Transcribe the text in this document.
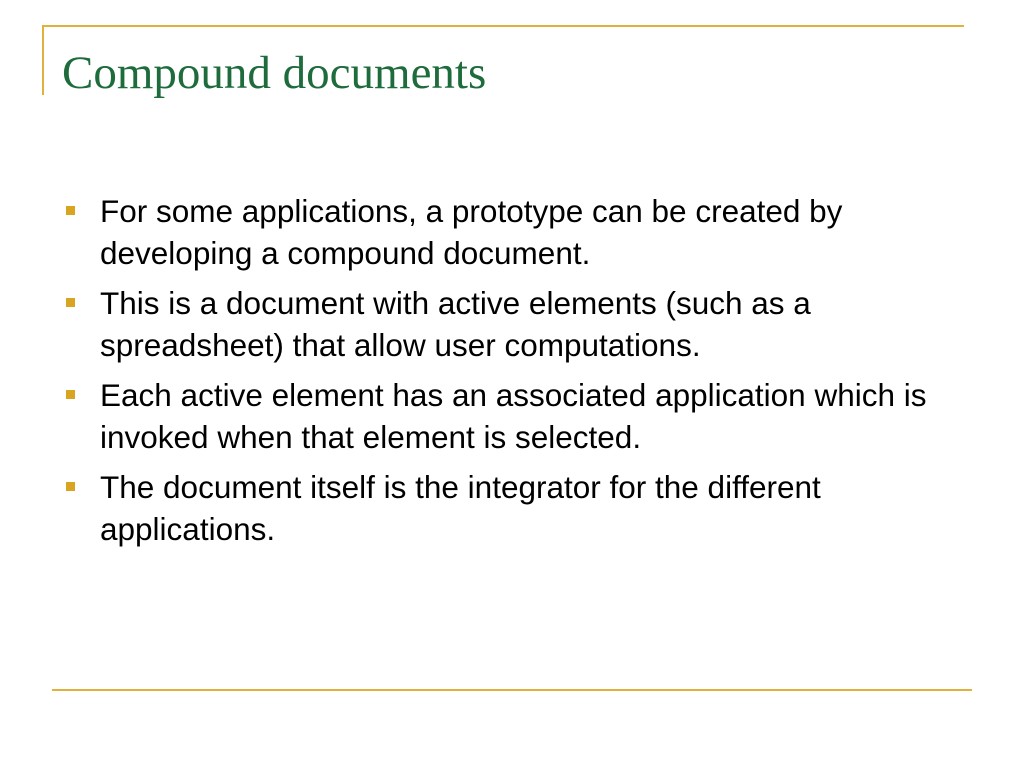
Compound documents
For some applications, a prototype can be created by developing a compound document.
This is a document with active elements (such as a spreadsheet) that allow user computations.
Each active element has an associated application which is invoked when that element is selected.
The document itself is the integrator for the different applications.
